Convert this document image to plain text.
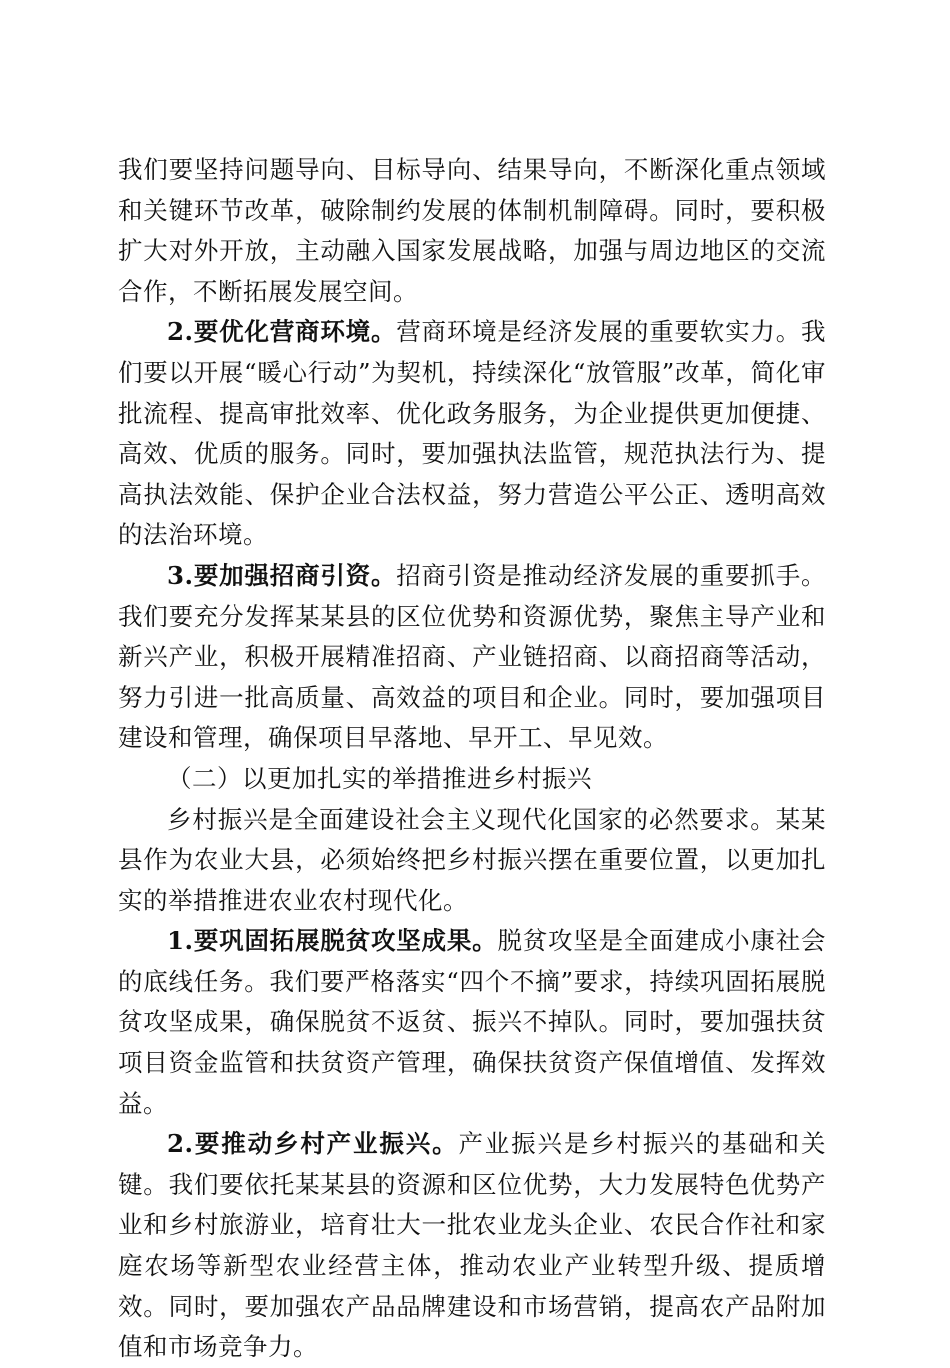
我们要坚持问题导向、目标导向、结果导向，不断深化重点领域和关键环节改革，破除制约发展的体制机制障碍。同时，要积极扩大对外开放，主动融入国家发展战略，加强与周边地区的交流合作，不断拓展发展空间。

2.要优化营商环境。营商环境是经济发展的重要软实力。我们要以开展“暖心行动”为契机，持续深化“放管服”改革，简化审批流程、提高审批效率、优化政务服务，为企业提供更加便捷、高效、优质的服务。同时，要加强执法监管，规范执法行为、提高执法效能、保护企业合法权益，努力营造公平公正、透明高效的法治环境。

3.要加强招商引资。招商引资是推动经济发展的重要抓手。我们要充分发挥某某县的区位优势和资源优势，聚焦主导产业和新兴产业，积极开展精准招商、产业链招商、以商招商等活动，努力引进一批高质量、高效益的项目和企业。同时，要加强项目建设和管理，确保项目早落地、早开工、早见效。

（二）以更加扎实的举措推进乡村振兴

乡村振兴是全面建设社会主义现代化国家的必然要求。某某县作为农业大县，必须始终把乡村振兴摆在重要位置，以更加扎实的举措推进农业农村现代化。

1.要巩固拓展脱贫攻坚成果。脱贫攻坚是全面建成小康社会的底线任务。我们要严格落实“四个不摘”要求，持续巩固拓展脱贫攻坚成果，确保脱贫不返贫、振兴不掉队。同时，要加强扶贫项目资金监管和扶贫资产管理，确保扶贫资产保值增值、发挥效益。

2.要推动乡村产业振兴。产业振兴是乡村振兴的基础和关键。我们要依托某某县的资源和区位优势，大力发展特色优势产业和乡村旅游业，培育壮大一批农业龙头企业、农民合作社和家庭农场等新型农业经营主体，推动农业产业转型升级、提质增效。同时，要加强农产品品牌建设和市场营销，提高农产品附加值和市场竞争力。
